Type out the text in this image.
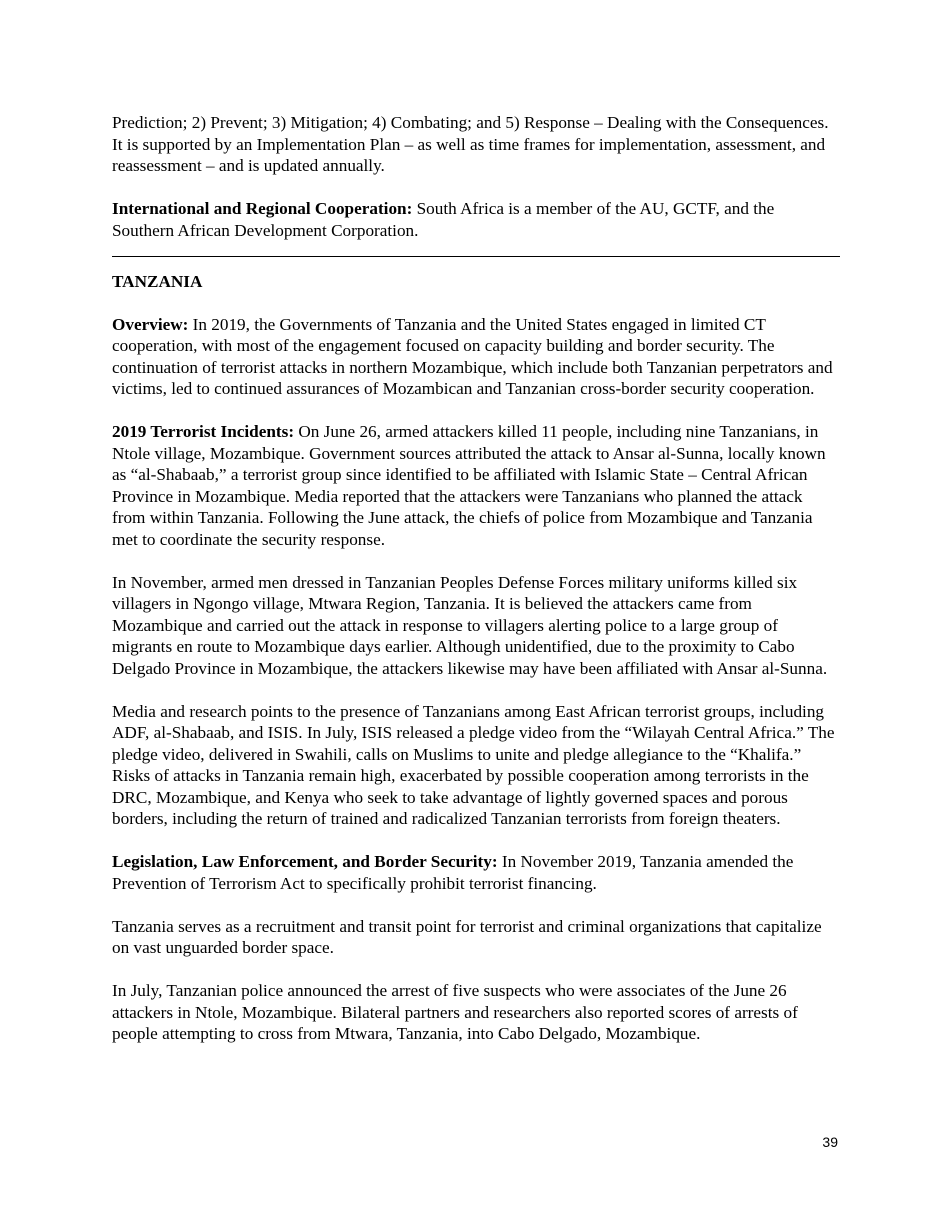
Prediction; 2) Prevent; 3) Mitigation; 4) Combating; and 5) Response – Dealing with the Consequences. It is supported by an Implementation Plan – as well as time frames for implementation, assessment, and reassessment – and is updated annually.

International and Regional Cooperation: South Africa is a member of the AU, GCTF, and the Southern African Development Corporation.

TANZANIA

Overview: In 2019, the Governments of Tanzania and the United States engaged in limited CT cooperation, with most of the engagement focused on capacity building and border security. The continuation of terrorist attacks in northern Mozambique, which include both Tanzanian perpetrators and victims, led to continued assurances of Mozambican and Tanzanian cross-border security cooperation.

2019 Terrorist Incidents: On June 26, armed attackers killed 11 people, including nine Tanzanians, in Ntole village, Mozambique. Government sources attributed the attack to Ansar al-Sunna, locally known as “al-Shabaab,” a terrorist group since identified to be affiliated with Islamic State – Central African Province in Mozambique. Media reported that the attackers were Tanzanians who planned the attack from within Tanzania. Following the June attack, the chiefs of police from Mozambique and Tanzania met to coordinate the security response.

In November, armed men dressed in Tanzanian Peoples Defense Forces military uniforms killed six villagers in Ngongo village, Mtwara Region, Tanzania. It is believed the attackers came from Mozambique and carried out the attack in response to villagers alerting police to a large group of migrants en route to Mozambique days earlier. Although unidentified, due to the proximity to Cabo Delgado Province in Mozambique, the attackers likewise may have been affiliated with Ansar al-Sunna.

Media and research points to the presence of Tanzanians among East African terrorist groups, including ADF, al-Shabaab, and ISIS. In July, ISIS released a pledge video from the “Wilayah Central Africa.” The pledge video, delivered in Swahili, calls on Muslims to unite and pledge allegiance to the “Khalifa.” Risks of attacks in Tanzania remain high, exacerbated by possible cooperation among terrorists in the DRC, Mozambique, and Kenya who seek to take advantage of lightly governed spaces and porous borders, including the return of trained and radicalized Tanzanian terrorists from foreign theaters.

Legislation, Law Enforcement, and Border Security: In November 2019, Tanzania amended the Prevention of Terrorism Act to specifically prohibit terrorist financing.

Tanzania serves as a recruitment and transit point for terrorist and criminal organizations that capitalize on vast unguarded border space.

In July, Tanzanian police announced the arrest of five suspects who were associates of the June 26 attackers in Ntole, Mozambique. Bilateral partners and researchers also reported scores of arrests of people attempting to cross from Mtwara, Tanzania, into Cabo Delgado, Mozambique.

39
